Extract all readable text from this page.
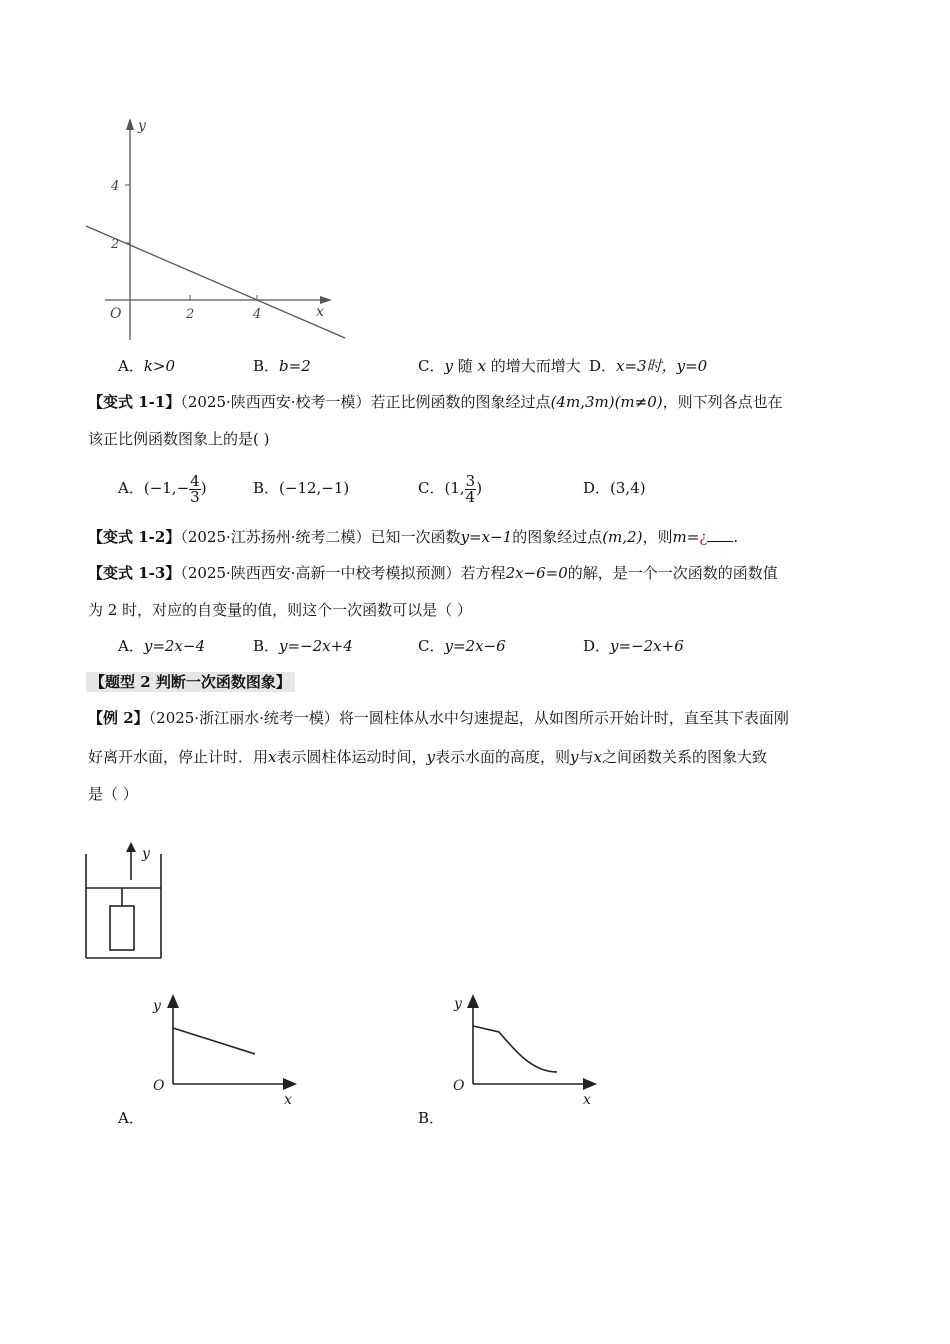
y
x
O
4
2
2	4
A．k>0	B．b=2	C．y 随 x 的增大而增大 D．x=3时，y=0
【变式 1-1】（2025·陕西西安·校考一模）若正比例函数的图象经过点(4m,3m)(m≠0)，则下列各点也在
该正比例函数图象上的是( )
A．($-1,- \frac{4}{3}$ )	B．(−12,−1)	C．(1, $\frac{3}{4}$ )	D．(3,4)
【变式 1-2】（2025·江苏扬州·统考二模）已知一次函数y=x−1的图象经过点(m,2)，则m=¿ .
【变式 1-3】（2025·陕西西安·高新一中校考模拟预测）若方程2x−6=0的解，是一个一次函数的函数值
为 2 时，对应的自变量的值，则这个一次函数可以是（ ）
A．y=2x−4	B．y=−2x+4	C．y=2x−6	D．y=−2x+6
【题型 2 判断一次函数图象】
【例 2】（2025·浙江丽水·统考一模）将一圆柱体从水中匀速提起，从如图所示开始计时，直至其下表面刚
好离开水面，停止计时．用x表示圆柱体运动时间，y表示水面的高度，则y与x之间函数关系的图象大致
是（ ）
y
y
x
O
A．
y
x
O
B．
